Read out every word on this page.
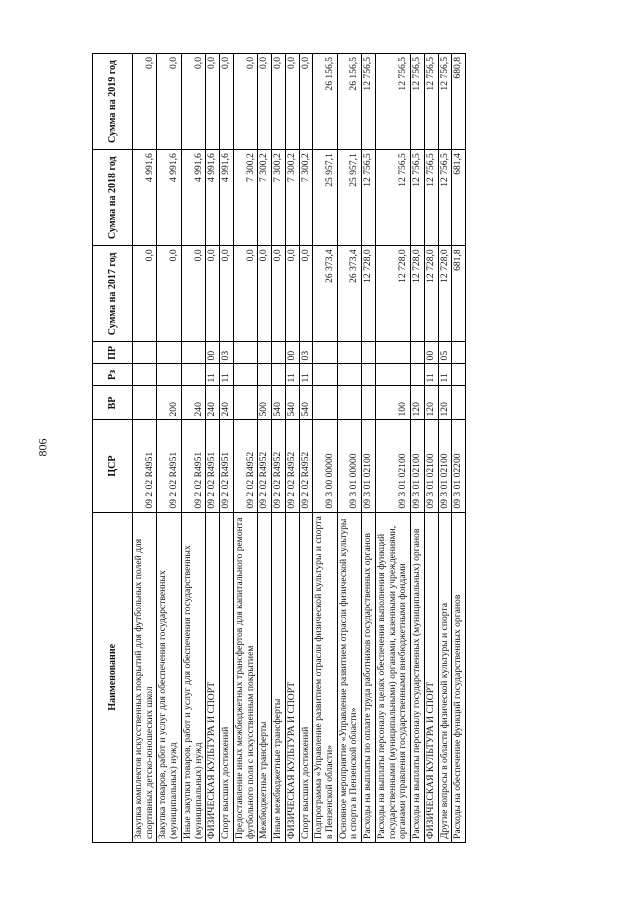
806
Наименование	ЦСР	ВР	Рз	ПР	Сумма на 2017 год	Сумма на 2018 год	Сумма на 2019 год
Закупка комплектов искусственных покрытий для футбольных полей для спортивных детско-юношеских школ	09 2 02 R4951				0,0	4 991,6	0,0
Закупка товаров, работ и услуг для обеспечения государственных (муниципальных) нужд	09 2 02 R4951	200			0,0	4 991,6	0,0
Иные закупки товаров, работ и услуг для обеспечения государственных (муниципальных) нужд	09 2 02 R4951	240			0,0	4 991,6	0,0
ФИЗИЧЕСКАЯ КУЛЬТУРА И СПОРТ	09 2 02 R4951	240	11	00	0,0	4 991,6	0,0
Спорт высших достижений	09 2 02 R4951	240	11	03	0,0	4 991,6	0,0
Предоставление иных межбюджетных трансфертов для капитального ремонта футбольного поля с искусственным покрытием	09 2 02 R4952				0,0	7 300,2	0,0
Межбюджетные трансферты	09 2 02 R4952	500			0,0	7 300,2	0,0
Иные межбюджетные трансферты	09 2 02 R4952	540			0,0	7 300,2	0,0
ФИЗИЧЕСКАЯ КУЛЬТУРА И СПОРТ	09 2 02 R4952	540	11	00	0,0	7 300,2	0,0
Спорт высших достижений	09 2 02 R4952	540	11	03	0,0	7 300,2	0,0
Подпрограмма «Управление развитием отрасли физической культуры и спорта в Пензенской области»	09 3 00 00000				26 373,4	25 957,1	26 156,5
Основное мероприятие «Управление развитием отрасли физической культуры и спорта в Пензенской области»	09 3 01 00000				26 373,4	25 957,1	26 156,5
Расходы на выплаты по оплате труда работников государственных органов	09 3 01 02100				12 728,0	12 756,5	12 756,5
Расходы на выплаты персоналу в целях обеспечения выполнения функций государственными (муниципальными) органами, казенными учреждениями, органами управления государственными внебюджетными фондами	09 3 01 02100	100			12 728,0	12 756,5	12 756,5
Расходы на выплаты персоналу государственных (муниципальных) органов	09 3 01 02100	120			12 728,0	12 756,5	12 756,5
ФИЗИЧЕСКАЯ КУЛЬТУРА И СПОРТ	09 3 01 02100	120	11	00	12 728,0	12 756,5	12 756,5
Другие вопросы в области физической культуры и спорта	09 3 01 02100	120	11	05	12 728,0	12 756,5	12 756,5
Расходы на обеспечение функций государственных органов	09 3 01 02200				681,8	681,4	680,8
